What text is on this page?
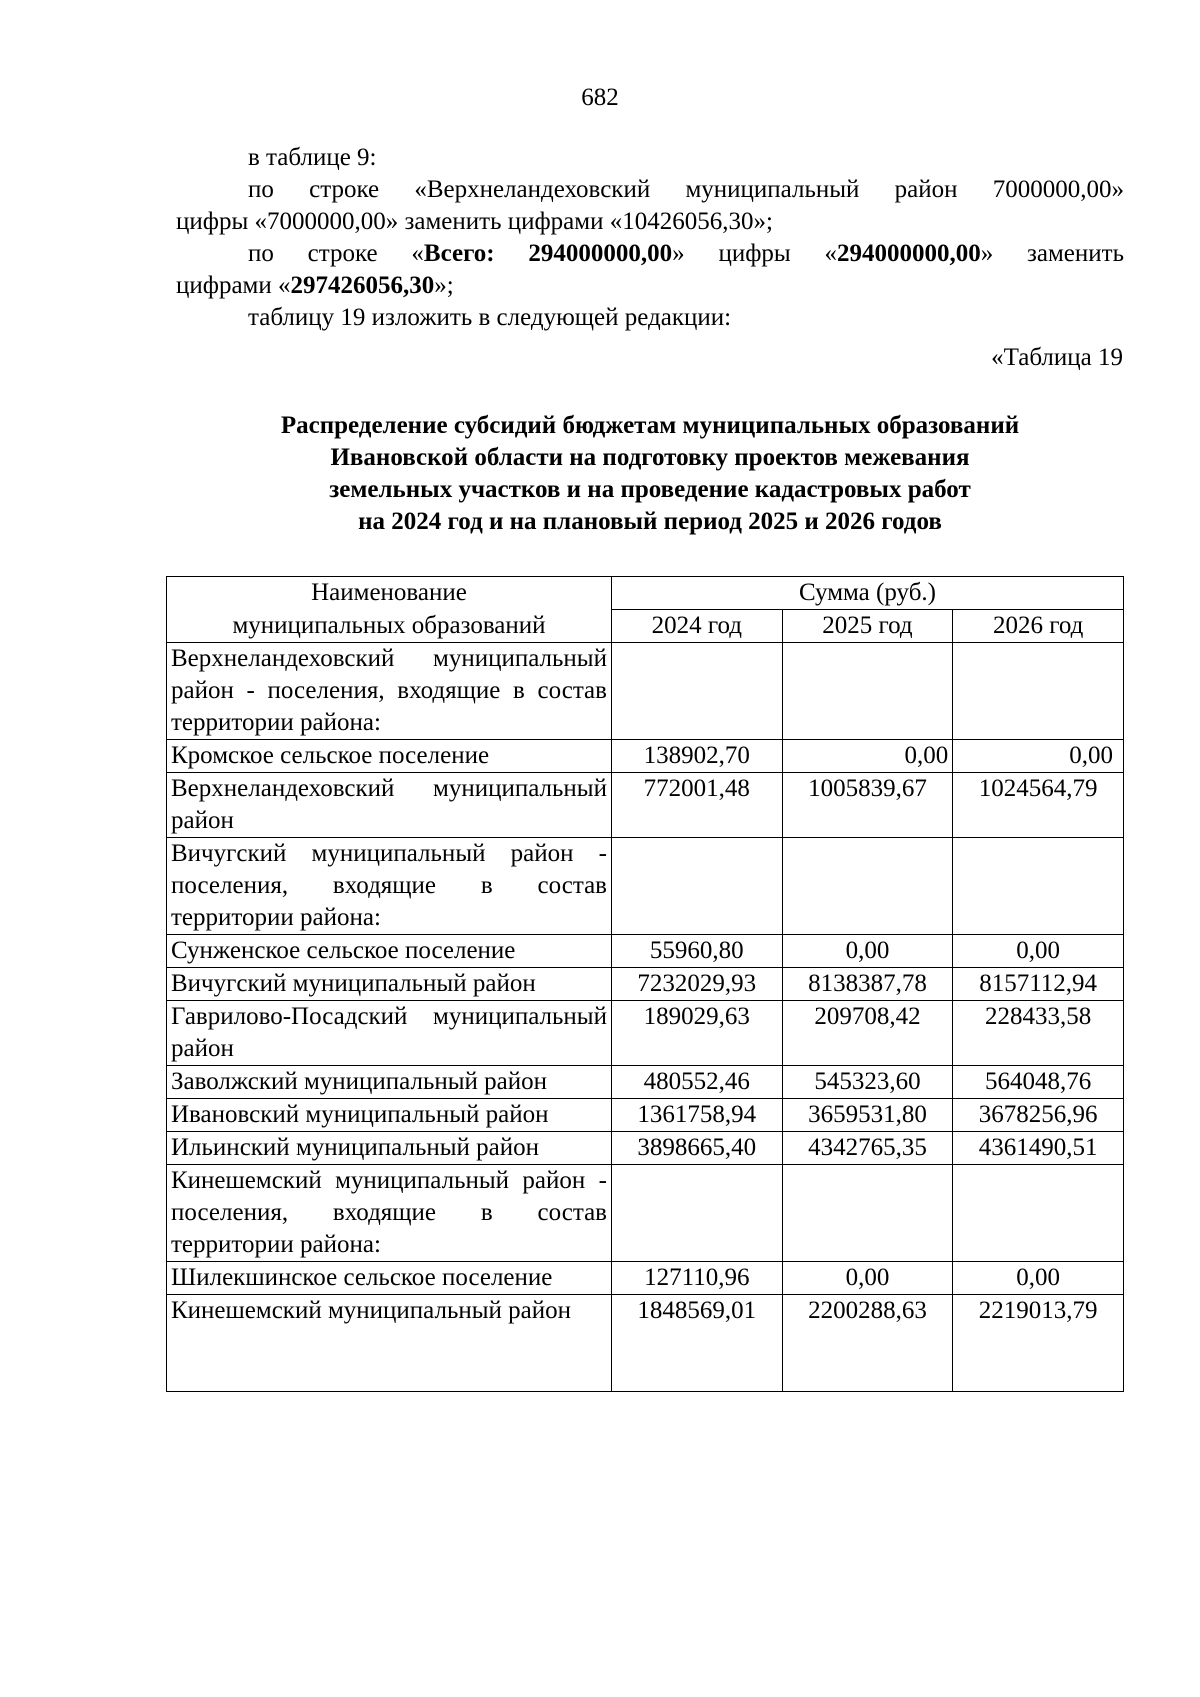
682
в таблице 9:
по строке «Верхнеландеховский муниципальный район 7000000,00»
цифры «7000000,00» заменить цифрами «10426056,30»;
по строке «Всего: 294000000,00» цифры «294000000,00» заменить
цифрами «297426056,30»;
таблицу 19 изложить в следующей редакции:
«Таблица 19
Распределение субсидий бюджетам муниципальных образований
Ивановской области на подготовку проектов межевания
земельных участков и на проведение кадастровых работ
на 2024 год и на плановый период 2025 и 2026 годов
Наименование	Сумма (руб.)		
муниципальных образований	2024 год	2025 год	2026 год
Верхнеландеховский муниципальный район - поселения, входящие в состав территории района:			
Кромское сельское поселение	138902,70	0,00	0,00
Верхнеландеховский муниципальный район	772001,48	1005839,67	1024564,79
Вичугский муниципальный район - поселения, входящие в состав территории района:			
Сунженское сельское поселение	55960,80	0,00	0,00
Вичугский муниципальный район	7232029,93	8138387,78	8157112,94
Гаврилово-Посадский муниципальный район	189029,63	209708,42	228433,58
Заволжский муниципальный район	480552,46	545323,60	564048,76
Ивановский муниципальный район	1361758,94	3659531,80	3678256,96
Ильинский муниципальный район	3898665,40	4342765,35	4361490,51
Кинешемский муниципальный район - поселения, входящие в состав территории района:			
Шилекшинское сельское поселение	127110,96	0,00	0,00
Кинешемский муниципальный район	1848569,01	2200288,63	2219013,79
